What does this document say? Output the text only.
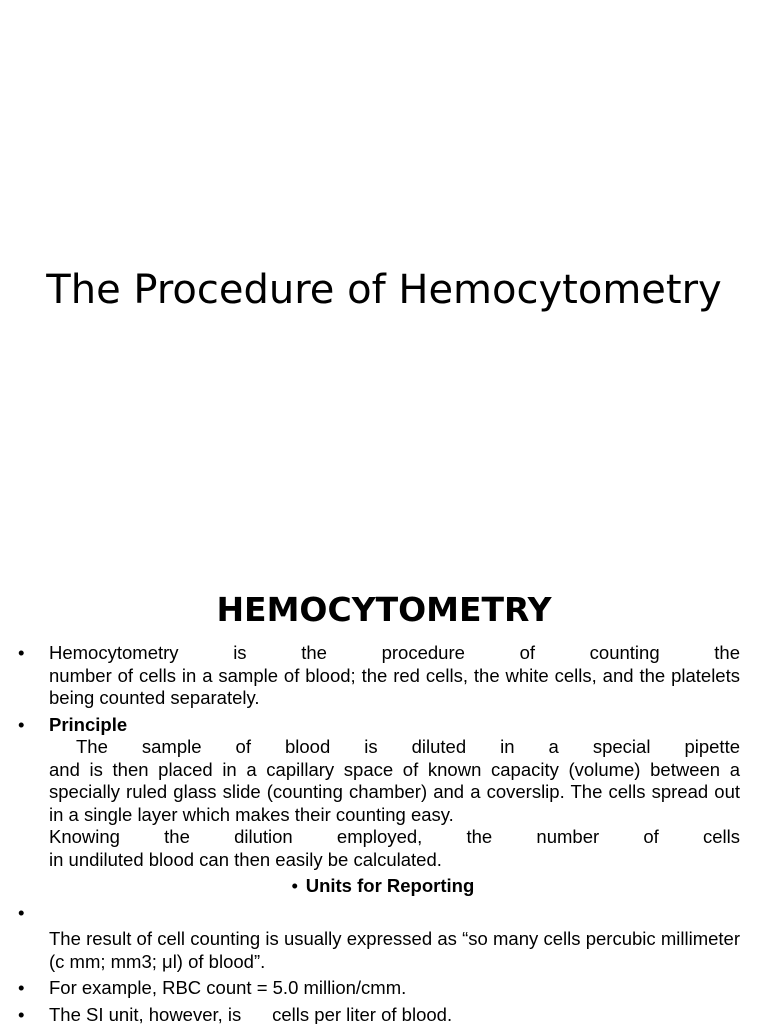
The Procedure of Hemocytometry
HEMOCYTOMETRY
•	Hemocytometry is the procedure of counting the
number of cells in a sample of blood; the red cells, the white cells, and the platelets being counted separately.
•	Principle
The sample of blood is diluted in a special pipette
and is then placed in a capillary space of known capacity (volume) between a specially ruled glass slide (counting chamber) and a coverslip. The cells spread out in a single layer which makes their counting easy.
Knowing the dilution employed, the number of cells
in undiluted blood can then easily be calculated.
• Units for Reporting
•
The result of cell counting is usually expressed as “so many cells percubic millimeter (c mm; mm3; μl) of blood”.
•	For example, RBC count = 5.0 million/cmm.
•	The SI unit, however, is      cells per liter of blood.
